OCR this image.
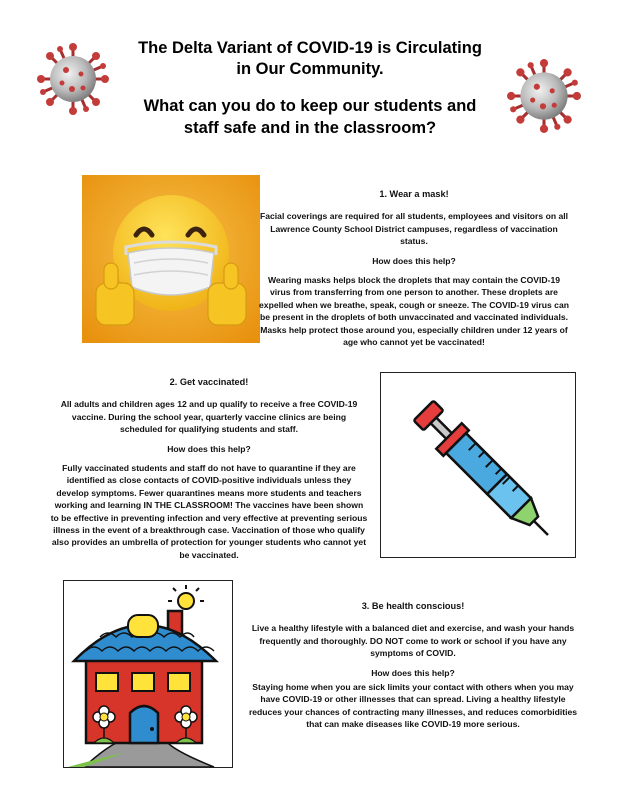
The Delta Variant of COVID-19 is Circulating
in Our Community.
What can you do to keep our students and
staff safe and in the classroom?

1. Wear a mask!

Facial coverings are required for all students, employees and visitors on all Lawrence County School District campuses, regardless of vaccination status.

How does this help?

Wearing masks helps block the droplets that may contain the COVID-19 virus from transferring from one person to another. These droplets are expelled when we breathe, speak, cough or sneeze. The COVID-19 virus can be present in the droplets of both unvaccinated and vaccinated individuals. Masks help protect those around you, especially children under 12 years of age who cannot yet be vaccinated!

2. Get vaccinated!

All adults and children ages 12 and up qualify to receive a free COVID-19 vaccine. During the school year, quarterly vaccine clinics are being scheduled for qualifying students and staff.

How does this help?

Fully vaccinated students and staff do not have to quarantine if they are identified as close contacts of COVID-positive individuals unless they develop symptoms. Fewer quarantines means more students and teachers working and learning IN THE CLASSROOM! The vaccines have been shown to be effective in preventing infection and very effective at preventing serious illness in the event of a breakthrough case. Vaccination of those who qualify also provides an umbrella of protection for younger students who cannot yet be vaccinated.

3. Be health conscious!

Live a healthy lifestyle with a balanced diet and exercise, and wash your hands frequently and thoroughly. DO NOT come to work or school if you have any symptoms of COVID.

How does this help?

Staying home when you are sick limits your contact with others when you may have COVID-19 or other illnesses that can spread. Living a healthy lifestyle reduces your chances of contracting many illnesses, and reduces comorbidities that can make diseases like COVID-19 more serious.
